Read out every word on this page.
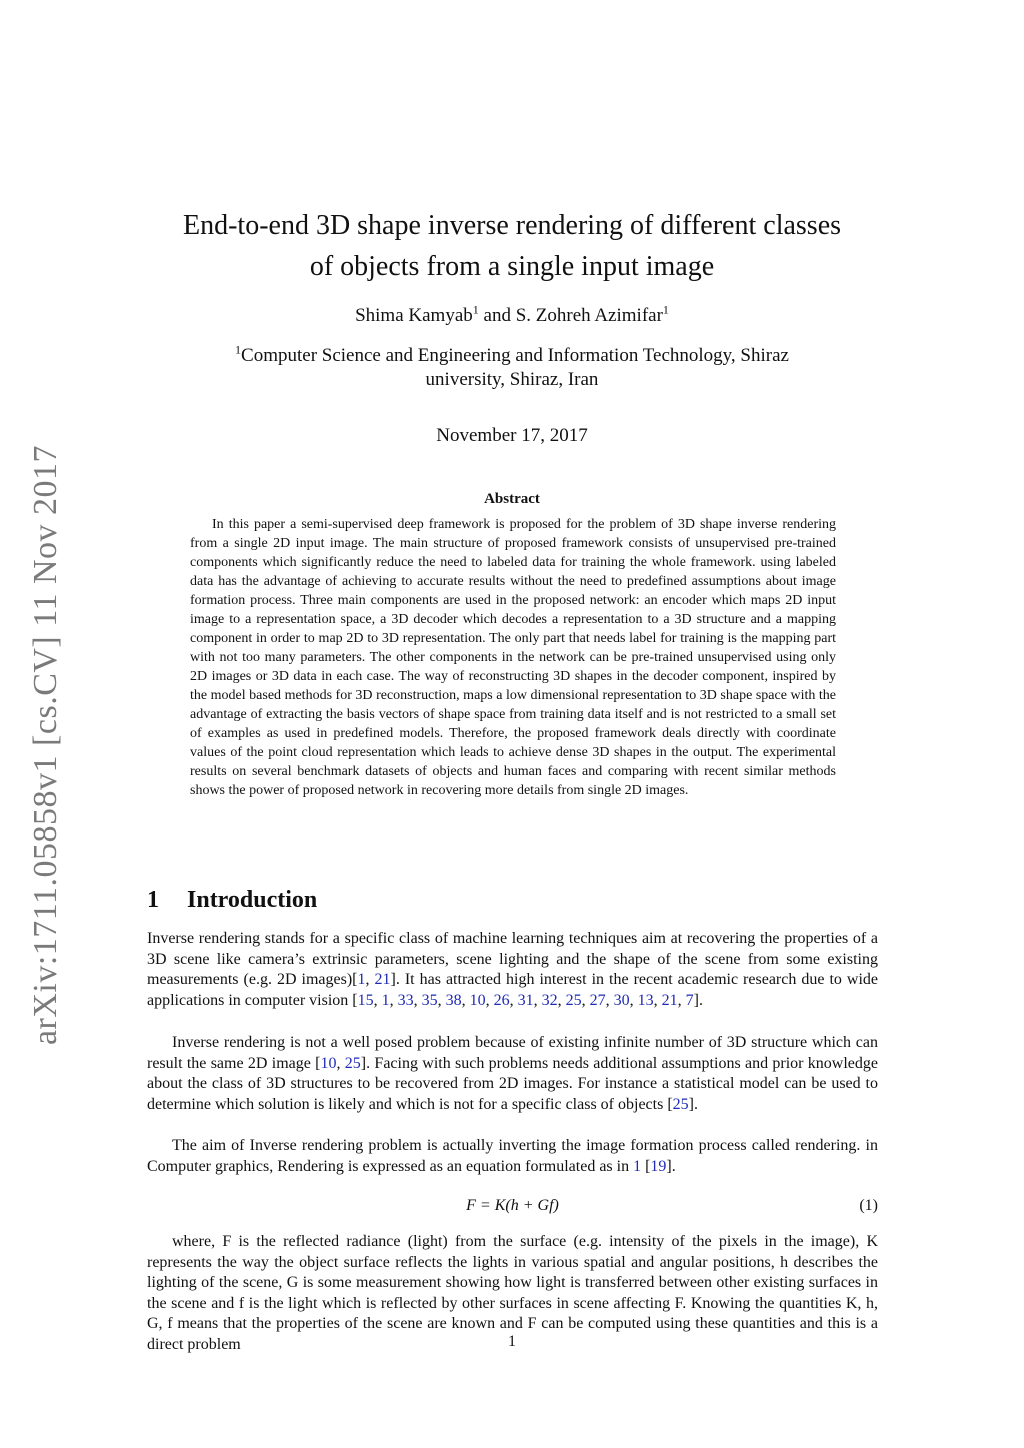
arXiv:1711.05858v1 [cs.CV] 11 Nov 2017
End-to-end 3D shape inverse rendering of different classes
of objects from a single input image
Shima Kamyab$^1$ and S. Zohreh Azimifar$^1$
$^1$Computer Science and Engineering and Information Technology, Shiraz
university, Shiraz, Iran
November 17, 2017
Abstract

In this paper a semi-supervised deep framework is proposed for the problem of 3D shape inverse rendering from a single 2D input image. The main structure of proposed framework consists of unsupervised pre-trained components which significantly reduce the need to labeled data for training the whole framework. using labeled data has the advantage of achieving to accurate results without the need to predefined assumptions about image formation process. Three main components are used in the proposed network: an encoder which maps 2D input image to a representation space, a 3D decoder which decodes a representation to a 3D structure and a mapping component in order to map 2D to 3D representation. The only part that needs label for training is the mapping part with not too many parameters. The other components in the network can be pre-trained unsupervised using only 2D images or 3D data in each case. The way of reconstructing 3D shapes in the decoder component, inspired by the model based methods for 3D reconstruction, maps a low dimensional representation to 3D shape space with the advantage of extracting the basis vectors of shape space from training data itself and is not restricted to a small set of examples as used in predefined models. Therefore, the proposed framework deals directly with coordinate values of the point cloud representation which leads to achieve dense 3D shapes in the output. The experimental results on several benchmark datasets of objects and human faces and comparing with recent similar methods shows the power of proposed network in recovering more details from single 2D images.

1 Introduction

Inverse rendering stands for a specific class of machine learning techniques aim at recovering the properties of a 3D scene like camera’s extrinsic parameters, scene lighting and the shape of the scene from some existing measurements (e.g. 2D images)[1, 21]. It has attracted high interest in the recent academic research due to wide applications in computer vision [15, 1, 33, 35, 38, 10, 26, 31, 32, 25, 27, 30, 13, 21, 7].

Inverse rendering is not a well posed problem because of existing infinite number of 3D structure which can result the same 2D image [10, 25]. Facing with such problems needs additional assumptions and prior knowledge about the class of 3D structures to be recovered from 2D images. For instance a statistical model can be used to determine which solution is likely and which is not for a specific class of objects [25].

The aim of Inverse rendering problem is actually inverting the image formation process called rendering. in Computer graphics, Rendering is expressed as an equation formulated as in 1 [19].

F = K(h + Gf)	(1)

where, F is the reflected radiance (light) from the surface (e.g. intensity of the pixels in the image), K represents the way the object surface reflects the lights in various spatial and angular positions, h describes the lighting of the scene, G is some measurement showing how light is transferred between other existing surfaces in the scene and f is the light which is reflected by other surfaces in scene affecting F. Knowing the quantities K, h, G, f means that the properties of the scene are known and F can be computed using these quantities and this is a direct problem	1
